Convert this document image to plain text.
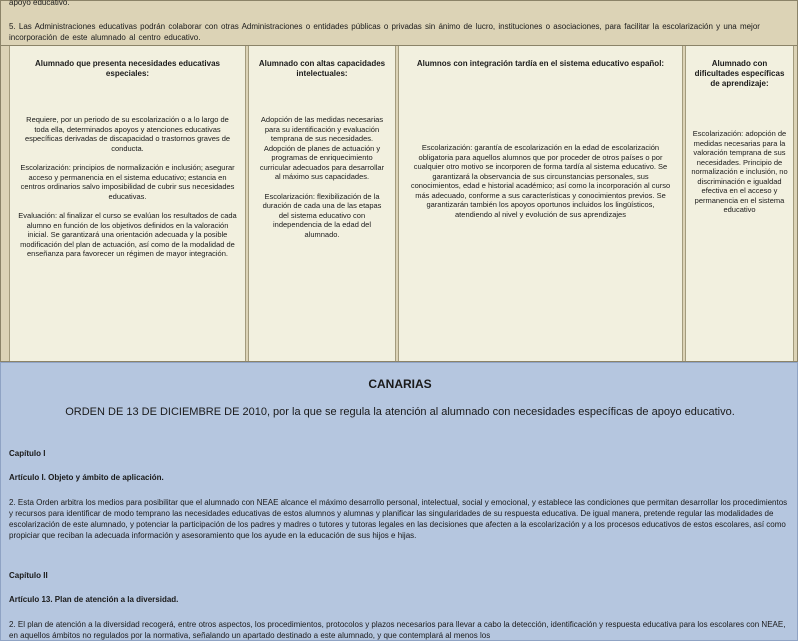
apoyo educativo.
5. Las Administraciones educativas podrán colaborar con otras Administraciones o entidades públicas o privadas sin ánimo de lucro, instituciones o asociaciones, para facilitar la escolarización y una mejor incorporación de este alumnado al centro educativo.
Alumnado que presenta necesidades educativas especiales:

Requiere, por un periodo de su escolarización o a lo largo de toda ella, determinados apoyos y atenciones educativas específicas derivadas de discapacidad o trastornos graves de conducta.

Escolarización: principios de normalización e inclusión; asegurar acceso y permanencia en el sistema educativo; estancia en centros ordinarios salvo imposibilidad de cubrir sus necesidades educativas.

Evaluación: al finalizar el curso se evalúan los resultados de cada alumno en función de los objetivos definidos en la valoración inicial. Se garantizará una orientación adecuada y la posible modificación del plan de actuación, así como de la modalidad de enseñanza para favorecer un régimen de mayor integración.

Alumnado con altas capacidades intelectuales:

Adopción de las medidas necesarias para su identificación y evaluación temprana de sus necesidades. Adopción de planes de actuación y programas de enriquecimiento curricular adecuados para desarrollar al máximo sus capacidades.

Escolarización: flexibilización de la duración de cada una de las etapas del sistema educativo con independencia de la edad del alumnado.

Alumnos con integración tardía en el sistema educativo español:

Escolarización: garantía de escolarización en la edad de escolarización obligatoria para aquellos alumnos que por proceder de otros países o por cualquier otro motivo se incorporen de forma tardía al sistema educativo. Se garantizará la observancia de sus circunstancias personales, sus conocimientos, edad e historial académico; así como la incorporación al curso más adecuado, conforme a sus características y conocimientos previos. Se garantizarán también los apoyos oportunos incluidos los lingüísticos, atendiendo al nivel y evolución de sus aprendizajes

Alumnado con dificultades específicas de aprendizaje:

Escolarización: adopción de medidas necesarias para la valoración temprana de sus necesidades. Principio de normalización e inclusión, no discriminación e igualdad efectiva en el acceso y permanencia en el sistema educativo

CANARIAS
ORDEN DE 13 DE DICIEMBRE DE 2010, por la que se regula la atención al alumnado con necesidades específicas de apoyo educativo.
Capítulo I
Artículo I. Objeto y ámbito de aplicación.
2. Esta Orden arbitra los medios para posibilitar que el alumnado con NEAE alcance el máximo desarrollo personal, intelectual, social y emocional, y establece las condiciones que permitan desarrollar los procedimientos y recursos para identificar de modo temprano las necesidades educativas de estos alumnos y alumnas y planificar las singularidades de su respuesta educativa. De igual manera, pretende regular las modalidades de escolarización de este alumnado, y potenciar la participación de los padres y madres o tutores y tutoras legales en las decisiones que afecten a la escolarización y a los procesos educativos de estos escolares, así como propiciar que reciban la adecuada información y asesoramiento que los ayude en la educación de sus hijos e hijas.
Capítulo II
Artículo 13. Plan de atención a la diversidad.
2. El plan de atención a la diversidad recogerá, entre otros aspectos, los procedimientos, protocolos y plazos necesarios para llevar a cabo la detección, identificación y respuesta educativa para los escolares con NEAE, en aquellos ámbitos no regulados por la normativa, señalando un apartado destinado a este alumnado, y que contemplará al menos los
